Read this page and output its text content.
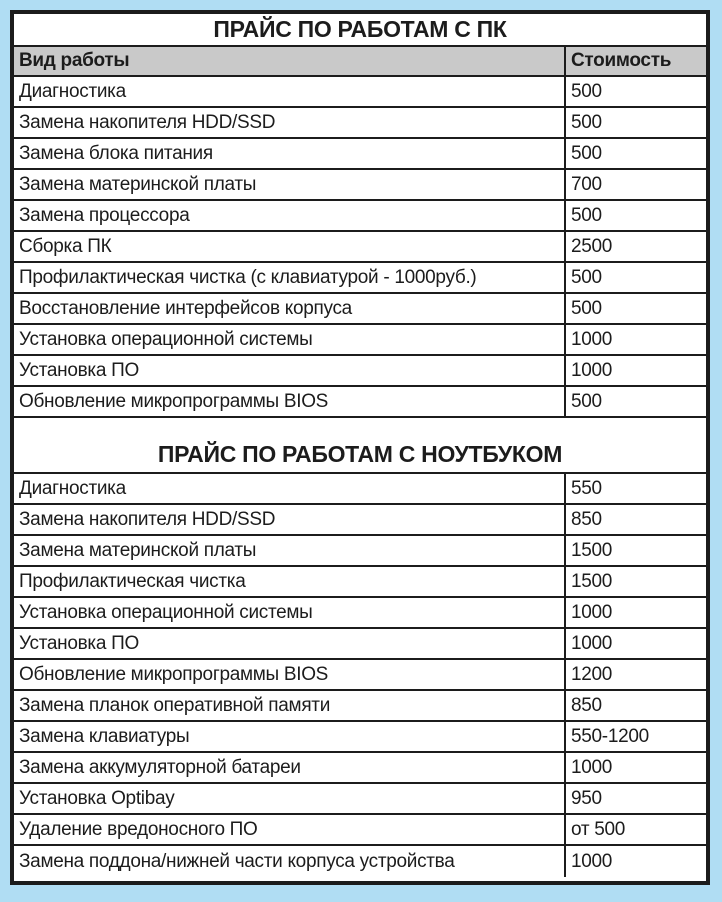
ПРАЙС ПО РАБОТАМ С ПК
Вид работы	Стоимость
Диагностика	500
Замена накопителя HDD/SSD	500
Замена блока питания	500
Замена материнской платы	700
Замена процессора	500
Сборка ПК	2500
Профилактическая чистка (с клавиатурой - 1000руб.)	500
Восстановление интерфейсов корпуса	500
Установка операционной системы	1000
Установка ПО	1000
Обновление микропрограммы BIOS	500
ПРАЙС ПО РАБОТАМ С НОУТБУКОМ
Диагностика	550
Замена накопителя HDD/SSD	850
Замена материнской платы	1500
Профилактическая чистка	1500
Установка операционной системы	1000
Установка ПО	1000
Обновление микропрограммы BIOS	1200
Замена планок оперативной памяти	850
Замена клавиатуры	550-1200
Замена аккумуляторной батареи	1000
Установка Optibay	950
Удаление вредоносного ПО	от 500
Замена поддона/нижней части корпуса устройства	1000
